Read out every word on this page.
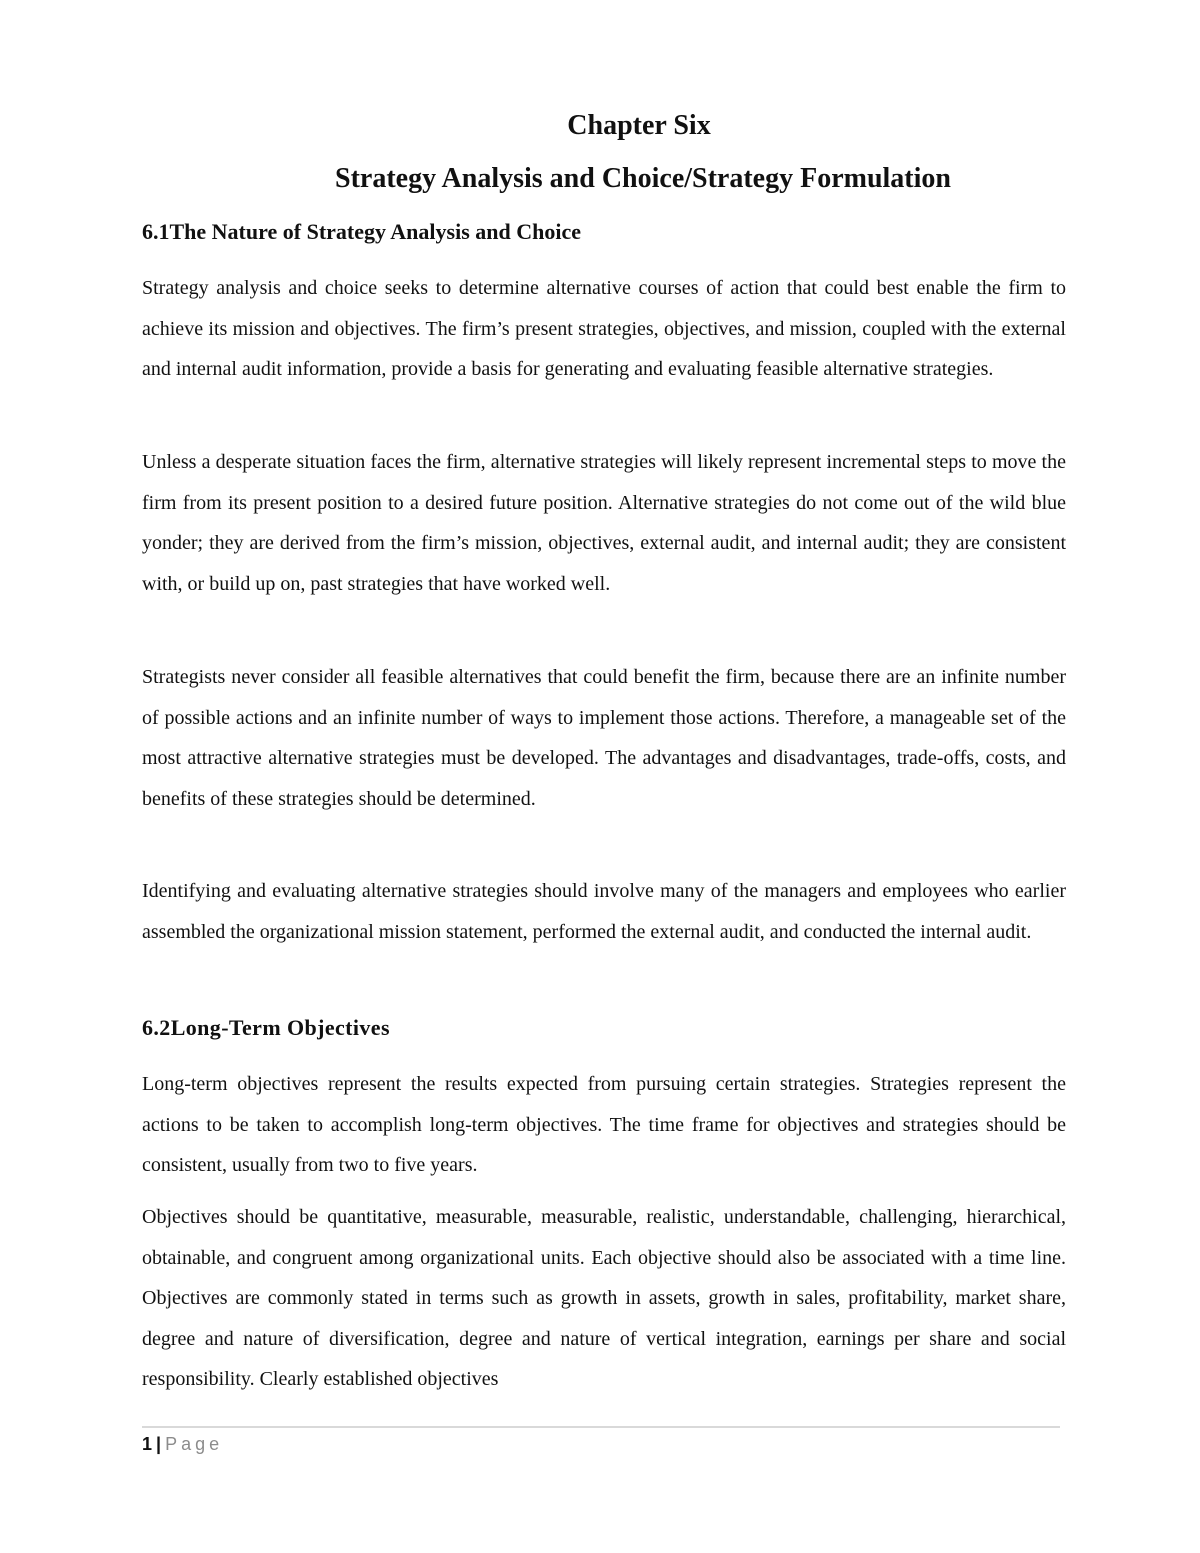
Chapter Six
Strategy Analysis and Choice/Strategy Formulation
6.1The Nature of Strategy Analysis and Choice

Strategy analysis and choice seeks to determine alternative courses of action that could best enable the firm to achieve its mission and objectives. The firm’s present strategies, objectives, and mission, coupled with the external and internal audit information, provide a basis for generating and evaluating feasible alternative strategies.

Unless a desperate situation faces the firm, alternative strategies will likely represent incremental steps to move the firm from its present position to a desired future position. Alternative strategies do not come out of the wild blue yonder; they are derived from the firm’s mission, objectives, external audit, and internal audit; they are consistent with, or build up on, past strategies that have worked well.

Strategists never consider all feasible alternatives that could benefit the firm, because there are an infinite number of possible actions and an infinite number of ways to implement those actions. Therefore, a manageable set of the most attractive alternative strategies must be developed. The advantages and disadvantages, trade-offs, costs, and benefits of these strategies should be determined.

Identifying and evaluating alternative strategies should involve many of the managers and employees who earlier assembled the organizational mission statement, performed the external audit, and conducted the internal audit.

6.2Long-Term Objectives

Long-term objectives represent the results expected from pursuing certain strategies. Strategies represent the actions to be taken to accomplish long-term objectives. The time frame for objectives and strategies should be consistent, usually from two to five years.

Objectives should be quantitative, measurable, measurable, realistic, understandable, challenging, hierarchical, obtainable, and congruent among organizational units. Each objective should also be associated with a time line. Objectives are commonly stated in terms such as growth in assets, growth in sales, profitability, market share, degree and nature of diversification, degree and nature of vertical integration, earnings per share and social responsibility. Clearly established objectives

1 | Page
